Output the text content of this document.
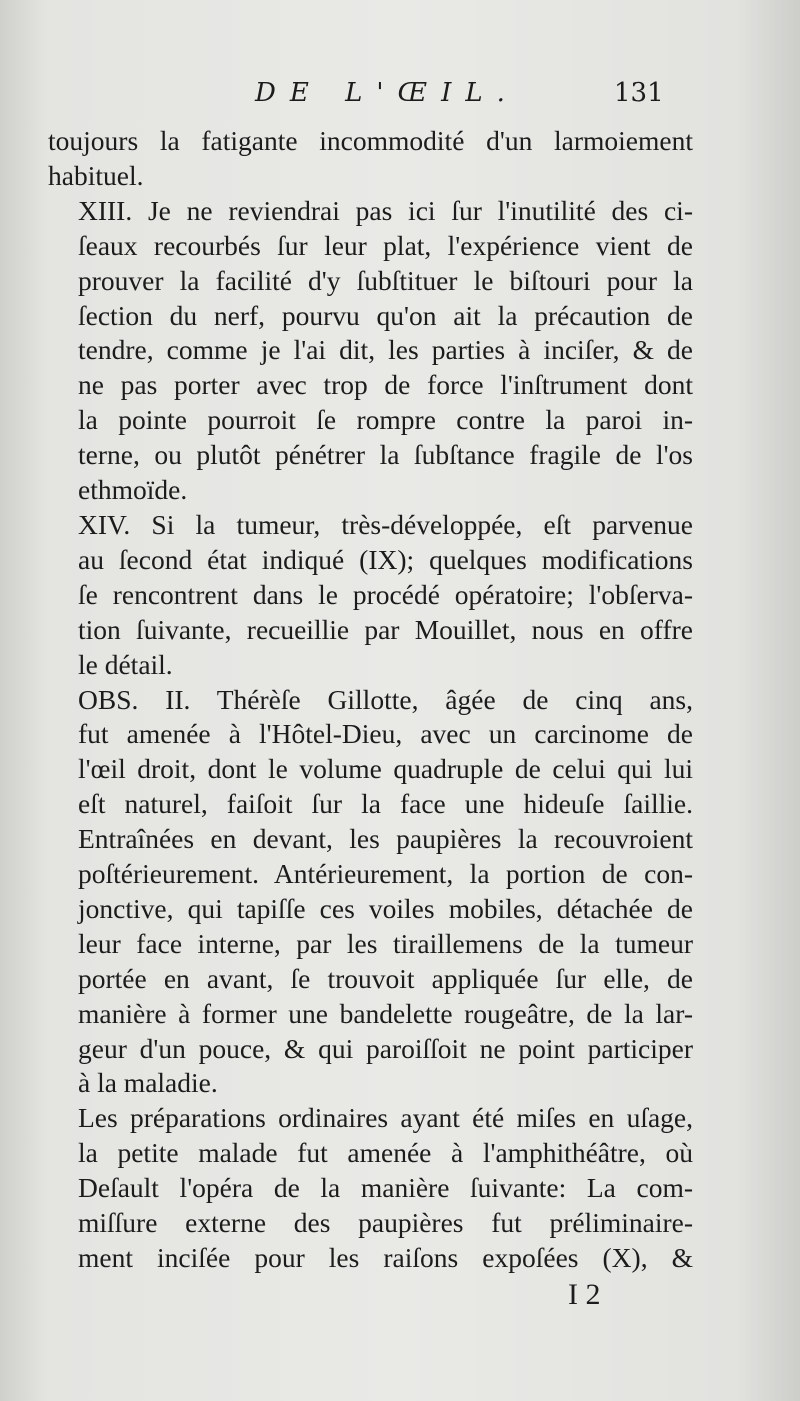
DE L'ŒIL.	131

toujours la fatigante incommodité d'un larmoiement
habituel.

XIII. Je ne reviendrai pas ici ſur l'inutilité des ci-
ſeaux recourbés ſur leur plat, l'expérience vient de
prouver la facilité d'y ſubſtituer le biſtouri pour la
ſection du nerf, pourvu qu'on ait la précaution de
tendre, comme je l'ai dit, les parties à inciſer, & de
ne pas porter avec trop de force l'inſtrument dont
la pointe pourroit ſe rompre contre la paroi in-
terne, ou plutôt pénétrer la ſubſtance fragile de l'os
ethmoïde.

XIV. Si la tumeur, très-développée, eſt parvenue
au ſecond état indiqué (IX); quelques modifications
ſe rencontrent dans le procédé opératoire; l'obſerva-
tion ſuivante, recueillie par Mouillet, nous en offre
le détail.

OBS. II. Thérèſe Gillotte, âgée de cinq ans,
fut amenée à l'Hôtel-Dieu, avec un carcinome de
l'œil droit, dont le volume quadruple de celui qui lui
eſt naturel, faiſoit ſur la face une hideuſe ſaillie.
Entraînées en devant, les paupières la recouvroient
poſtérieurement. Antérieurement, la portion de con-
jonctive, qui tapiſſe ces voiles mobiles, détachée de
leur face interne, par les tiraillemens de la tumeur
portée en avant, ſe trouvoit appliquée ſur elle, de
manière à former une bandelette rougeâtre, de la lar-
geur d'un pouce, & qui paroiſſoit ne point participer
à la maladie.

Les préparations ordinaires ayant été miſes en uſage,
la petite malade fut amenée à l'amphithéâtre, où
Deſault l'opéra de la manière ſuivante: La com-
miſſure externe des paupières fut préliminaire-
ment inciſée pour les raiſons expoſées (X), &

I 2
